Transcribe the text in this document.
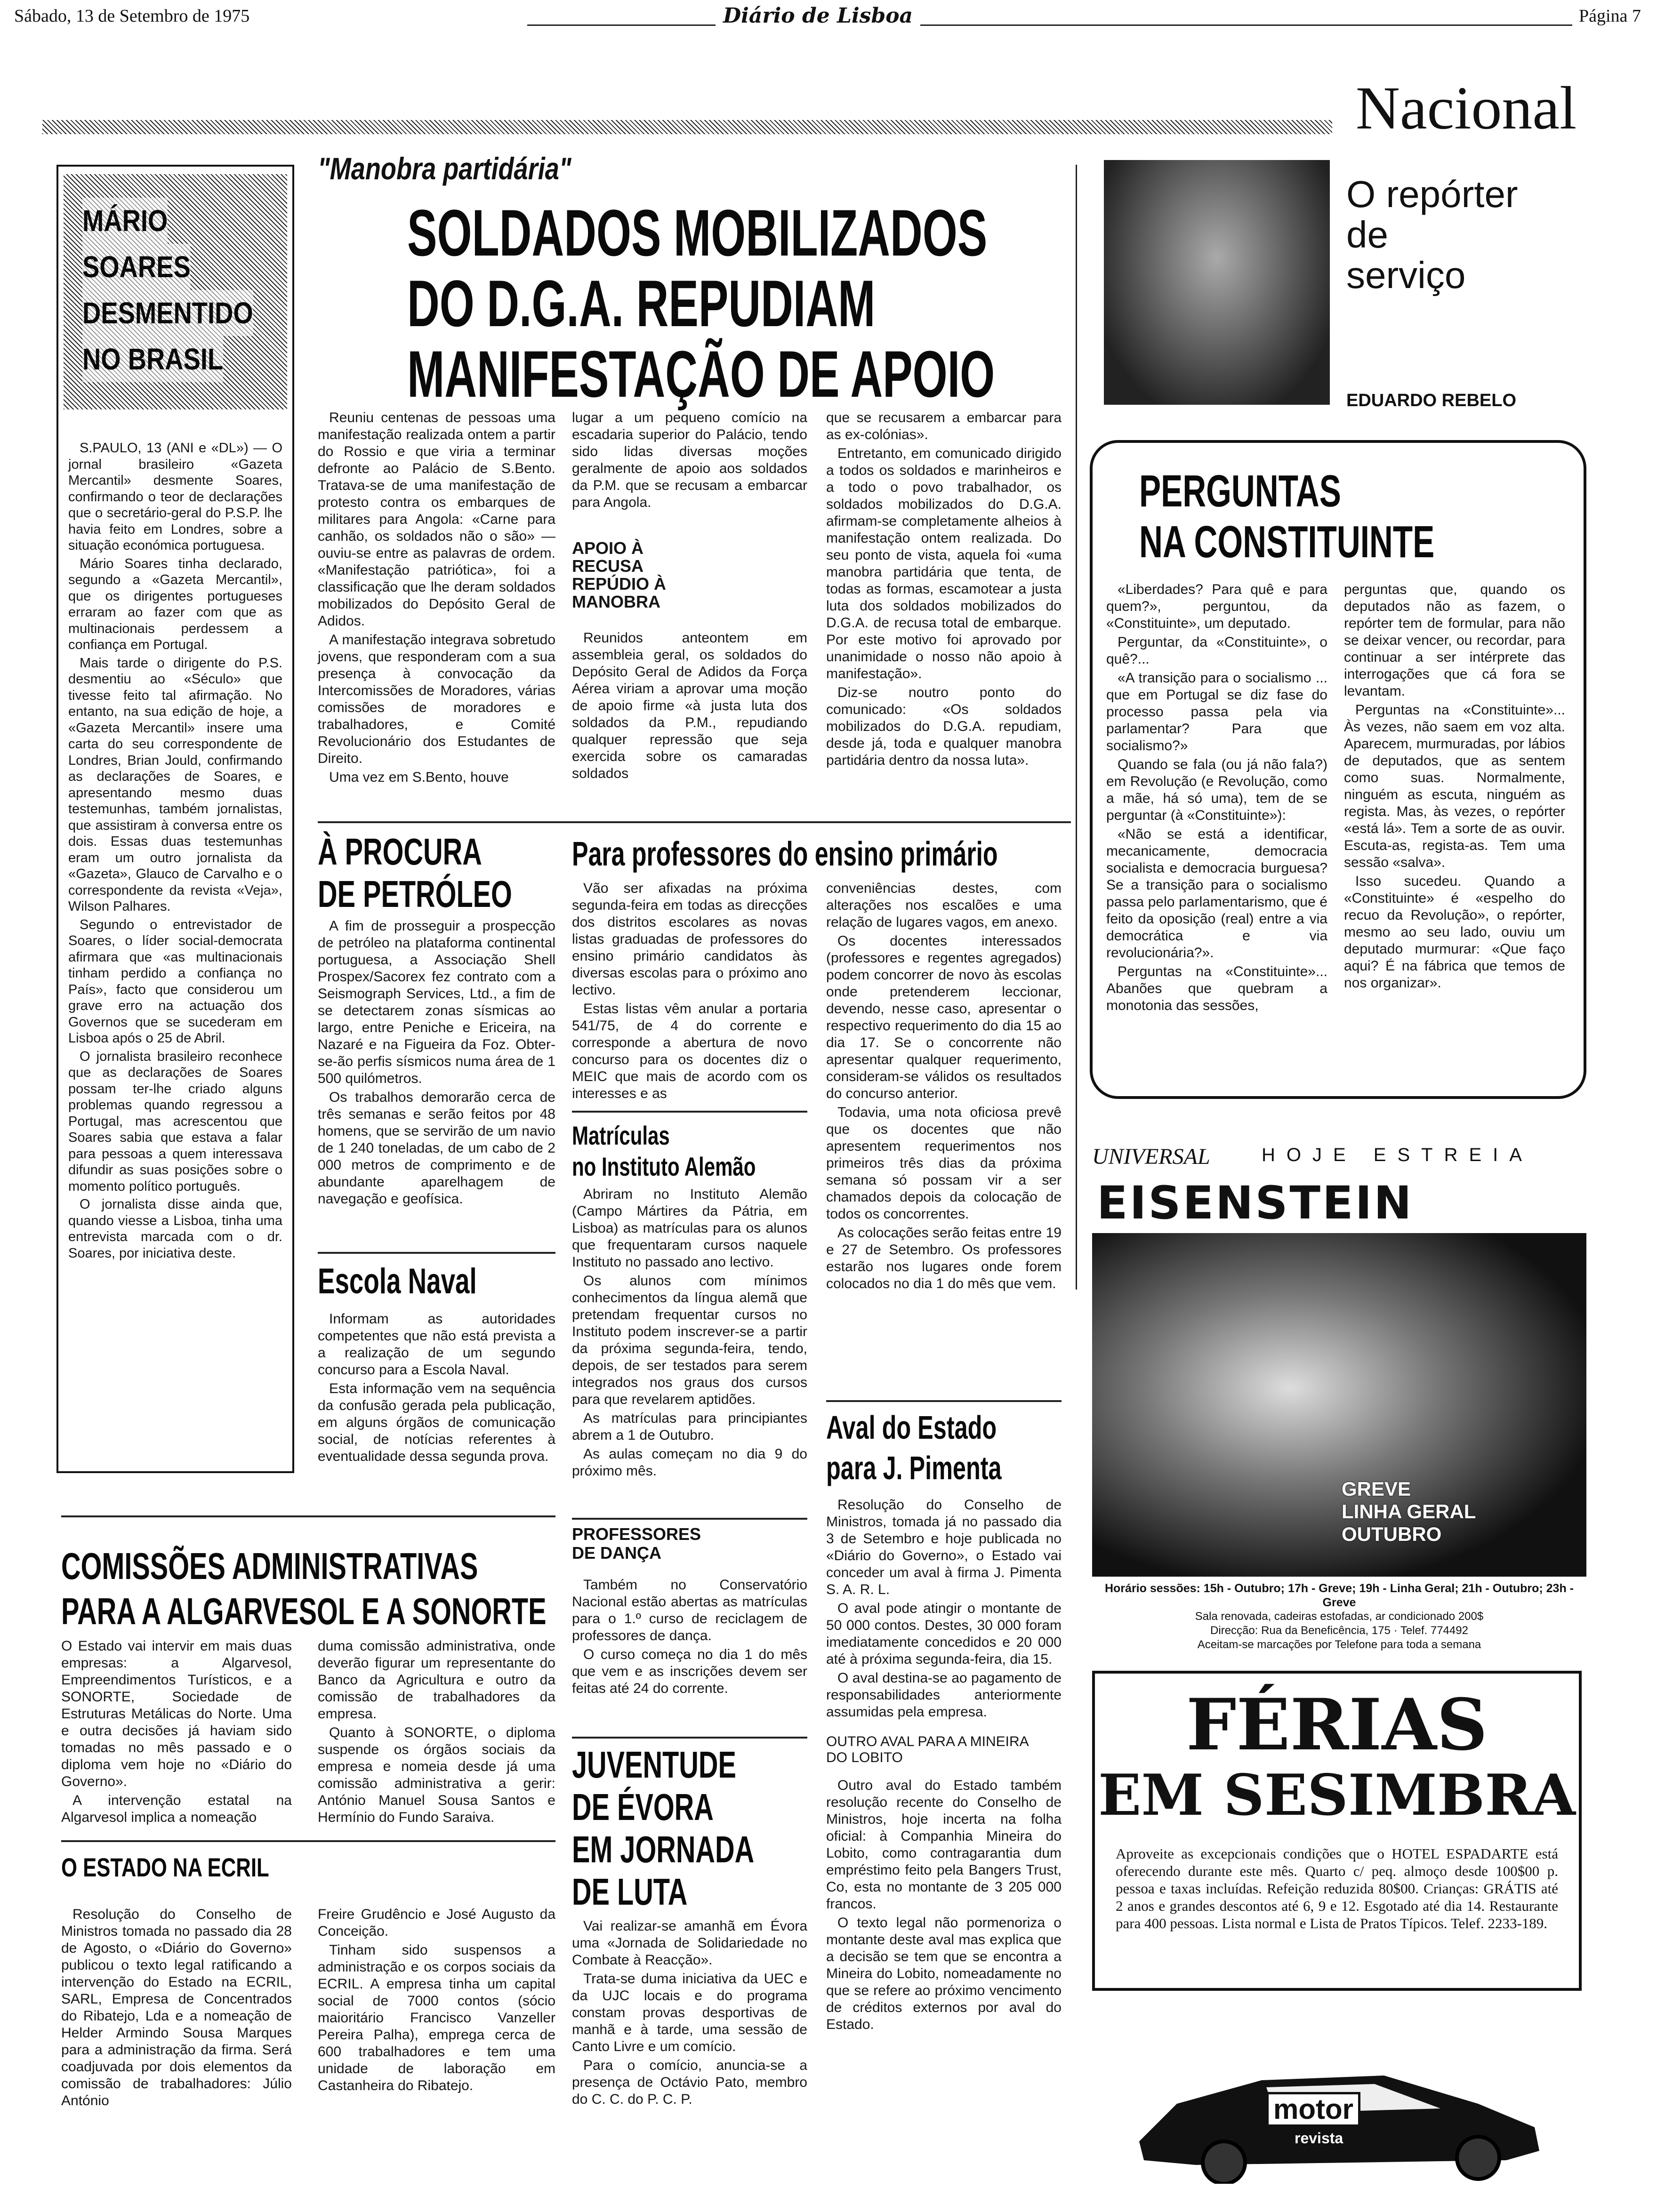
Sábado, 13 de Setembro de 1975	Diário de Lisboa	Página 7
Nacional
MÁRIO
SOARES
DESMENTIDO
NO BRASIL

S.PAULO, 13 (ANI e «DL») — O jornal brasileiro «Gazeta Mercantil» desmente Soares, confirmando o teor de declarações que o secretário-geral do P.S.P. lhe havia feito em Londres, sobre a situação económica portuguesa.

Mário Soares tinha declarado, segundo a «Gazeta Mercantil», que os dirigentes portugueses erraram ao fazer com que as multinacionais perdessem a confiança em Portugal.

Mais tarde o dirigente do P.S. desmentiu ao «Século» que tivesse feito tal afirmação. No entanto, na sua edição de hoje, a «Gazeta Mercantil» insere uma carta do seu correspondente de Londres, Brian Jould, confirmando as declarações de Soares, e apresentando mesmo duas testemunhas, também jornalistas, que assistiram à conversa entre os dois. Essas duas testemunhas eram um outro jornalista da «Gazeta», Glauco de Carvalho e o correspondente da revista «Veja», Wilson Palhares.

Segundo o entrevistador de Soares, o líder social-democrata afirmara que «as multinacionais tinham perdido a confiança no País», facto que considerou um grave erro na actuação dos Governos que se sucederam em Lisboa após o 25 de Abril.

O jornalista brasileiro reconhece que as declarações de Soares possam ter-lhe criado alguns problemas quando regressou a Portugal, mas acrescentou que Soares sabia que estava a falar para pessoas a quem interessava difundir as suas posições sobre o momento político português.

O jornalista disse ainda que, quando viesse a Lisboa, tinha uma entrevista marcada com o dr. Soares, por iniciativa deste.

"Manobra partidária"
SOLDADOS MOBILIZADOS
DO D.G.A. REPUDIAM
MANIFESTAÇÃO DE APOIO

Reuniu centenas de pessoas uma manifestação realizada ontem a partir do Rossio e que viria a terminar defronte ao Palácio de S.Bento. Tratava-se de uma manifestação de protesto contra os embarques de militares para Angola: «Carne para canhão, os soldados não o são» — ouviu-se entre as palavras de ordem. «Manifestação patriótica», foi a classificação que lhe deram soldados mobilizados do Depósito Geral de Adidos.

A manifestação integrava sobretudo jovens, que responderam com a sua presença à convocação da Intercomissões de Moradores, várias comissões de moradores e trabalhadores, e Comité Revolucionário dos Estudantes de Direito.

Uma vez em S.Bento, houve

lugar a um pequeno comício na escadaria superior do Palácio, tendo sido lidas diversas moções geralmente de apoio aos soldados da P.M. que se recusam a embarcar para Angola.

APOIO À RECUSA REPÚDIO À MANOBRA

Reunidos anteontem em assembleia geral, os soldados do Depósito Geral de Adidos da Força Aérea viriam a aprovar uma moção de apoio firme «à justa luta dos soldados da P.M., repudiando qualquer repressão que seja exercida sobre os camaradas soldados

que se recusarem a embarcar para as ex-colónias».

Entretanto, em comunicado dirigido a todos os soldados e marinheiros e a todo o povo trabalhador, os soldados mobilizados do D.G.A. afirmam-se completamente alheios à manifestação ontem realizada. Do seu ponto de vista, aquela foi «uma manobra partidária que tenta, de todas as formas, escamotear a justa luta dos soldados mobilizados do D.G.A. de recusa total de embarque. Por este motivo foi aprovado por unanimidade o nosso não apoio à manifestação».

Diz-se noutro ponto do comunicado: «Os soldados mobilizados do D.G.A. repudiam, desde já, toda e qualquer manobra partidária dentro da nossa luta».

O repórter
de
serviço
EDUARDO REBELO
PERGUNTAS
NA CONSTITUINTE

«Liberdades? Para quê e para quem?», perguntou, da «Constituinte», um deputado.

Perguntar, da «Constituinte», o quê?...

«A transição para o socialismo ... que em Portugal se diz fase do processo passa pela via parlamentar? Para que socialismo?»

Quando se fala (ou já não fala?) em Revolução (e Revolução, como a mãe, há só uma), tem de se perguntar (à «Constituinte»):

«Não se está a identificar, mecanicamente, democracia socialista e democracia burguesa? Se a transição para o socialismo passa pelo parlamentarismo, que é feito da oposição (real) entre a via democrática e via revolucionária?».

Perguntas na «Constituinte»... Abanões que quebram a monotonia das sessões,

perguntas que, quando os deputados não as fazem, o repórter tem de formular, para não se deixar vencer, ou recordar, para continuar a ser intérprete das interrogações que cá fora se levantam.

Perguntas na «Constituinte»... Às vezes, não saem em voz alta. Aparecem, murmuradas, por lábios de deputados, que as sentem como suas. Normalmente, ninguém as escuta, ninguém as regista. Mas, às vezes, o repórter «está lá». Tem a sorte de as ouvir. Escuta-as, regista-as. Tem uma sessão «salva».

Isso sucedeu. Quando a «Constituinte» é «espelho do recuo da Revolução», o repórter, mesmo ao seu lado, ouviu um deputado murmurar: «Que faço aqui? É na fábrica que temos de nos organizar».

À PROCURA
DE PETRÓLEO

A fim de prosseguir a prospecção de petróleo na plataforma continental portuguesa, a Associação Shell Prospex/Sacorex fez contrato com a Seismograph Services, Ltd., a fim de se detectarem zonas sísmicas ao largo, entre Peniche e Ericeira, na Nazaré e na Figueira da Foz. Obter-se-ão perfis sísmicos numa área de 1 500 quilómetros.

Os trabalhos demorarão cerca de três semanas e serão feitos por 48 homens, que se servirão de um navio de 1 240 toneladas, de um cabo de 2 000 metros de comprimento e de abundante aparelhagem de navegação e geofísica.

Escola Naval

Informam as autoridades competentes que não está prevista a a realização de um segundo concurso para a Escola Naval.

Esta informação vem na sequência da confusão gerada pela publicação, em alguns órgãos de comunicação social, de notícias referentes à eventualidade dessa segunda prova.

Para professores do ensino primário

Vão ser afixadas na próxima segunda-feira em todas as direcções dos distritos escolares as novas listas graduadas de professores do ensino primário candidatos às diversas escolas para o próximo ano lectivo.

Estas listas vêm anular a portaria 541/75, de 4 do corrente e corresponde a abertura de novo concurso para os docentes diz o MEIC que mais de acordo com os interesses e as

conveniências destes, com alterações nos escalões e uma relação de lugares vagos, em anexo.

Os docentes interessados (professores e regentes agregados) podem concorrer de novo às escolas onde pretenderem leccionar, devendo, nesse caso, apresentar o respectivo requerimento do dia 15 ao dia 17. Se o concorrente não apresentar qualquer requerimento, consideram-se válidos os resultados do concurso anterior.

Todavia, uma nota oficiosa prevê que os docentes que não apresentem requerimentos nos primeiros três dias da próxima semana só possam vir a ser chamados depois da colocação de todos os concorrentes.

As colocações serão feitas entre 19 e 27 de Setembro. Os professores estarão nos lugares onde forem colocados no dia 1 do mês que vem.

Matrículas
no Instituto Alemão

Abriram no Instituto Alemão (Campo Mártires da Pátria, em Lisboa) as matrículas para os alunos que frequentaram cursos naquele Instituto no passado ano lectivo.

Os alunos com mínimos conhecimentos da língua alemã que pretendam frequentar cursos no Instituto podem inscrever-se a partir da próxima segunda-feira, tendo, depois, de ser testados para serem integrados nos graus dos cursos para que revelarem aptidões.

As matrículas para principiantes abrem a 1 de Outubro.

As aulas começam no dia 9 do próximo mês.

PROFESSORES DE DANÇA

Também no Conservatório Nacional estão abertas as matrículas para o 1.º curso de reciclagem de professores de dança.

O curso começa no dia 1 do mês que vem e as inscrições devem ser feitas até 24 do corrente.

JUVENTUDE
DE ÉVORA
EM JORNADA
DE LUTA

Vai realizar-se amanhã em Évora uma «Jornada de Solidariedade no Combate à Reacção».

Trata-se duma iniciativa da UEC e da UJC locais e do programa constam provas desportivas de manhã e à tarde, uma sessão de Canto Livre e um comício.

Para o comício, anuncia-se a presença de Octávio Pato, membro do C. C. do P. C. P.

Aval do Estado
para J. Pimenta

Resolução do Conselho de Ministros, tomada já no passado dia 3 de Setembro e hoje publicada no «Diário do Governo», o Estado vai conceder um aval à firma J. Pimenta S. A. R. L.

O aval pode atingir o montante de 50 000 contos. Destes, 30 000 foram imediatamente concedidos e 20 000 até à próxima segunda-feira, dia 15.

O aval destina-se ao pagamento de responsabilidades anteriormente assumidas pela empresa.

OUTRO AVAL PARA A MINEIRA DO LOBITO

Outro aval do Estado também resolução recente do Conselho de Ministros, hoje incerta na folha oficial: à Companhia Mineira do Lobito, como contragarantia dum empréstimo feito pela Bangers Trust, Co, esta no montante de 3 205 000 francos.

O texto legal não pormenoriza o montante deste aval mas explica que a decisão se tem que se encontra a Mineira do Lobito, nomeadamente no que se refere ao próximo vencimento de créditos externos por aval do Estado.

COMISSÕES ADMINISTRATIVAS
PARA A ALGARVESOL E A SONORTE

O Estado vai intervir em mais duas empresas: a Algarvesol, Empreendimentos Turísticos, e a SONORTE, Sociedade de Estruturas Metálicas do Norte. Uma e outra decisões já haviam sido tomadas no mês passado e o diploma vem hoje no «Diário do Governo».

A intervenção estatal na Algarvesol implica a nomeação

duma comissão administrativa, onde deverão figurar um representante do Banco da Agricultura e outro da comissão de trabalhadores da empresa.

Quanto à SONORTE, o diploma suspende os órgãos sociais da empresa e nomeia desde já uma comissão administrativa a gerir: António Manuel Sousa Santos e Hermínio do Fundo Saraiva.

O ESTADO NA ECRIL

Resolução do Conselho de Ministros tomada no passado dia 28 de Agosto, o «Diário do Governo» publicou o texto legal ratificando a intervenção do Estado na ECRIL, SARL, Empresa de Concentrados do Ribatejo, Lda e a nomeação de Helder Armindo Sousa Marques para a administração da firma. Será coadjuvada por dois elementos da comissão de trabalhadores: Júlio António

Freire Grudêncio e José Augusto da Conceição.

Tinham sido suspensos a administração e os corpos sociais da ECRIL. A empresa tinha um capital social de 7000 contos (sócio maioritário Francisco Vanzeller Pereira Palha), emprega cerca de 600 trabalhadores e tem uma unidade de laboração em Castanheira do Ribatejo.

UNIVERSAL	HOJE ESTREIA
EISENSTEIN
GREVE
LINHA GERAL
OUTUBRO
Horário sessões: 15h - Outubro; 17h - Greve; 19h - Linha Geral; 21h - Outubro; 23h - Greve
Sala renovada, cadeiras estofadas, ar condicionado 200$
Direcção: Rua da Beneficência, 175 · Telef. 774492
Aceitam-se marcações por Telefone para toda a semana
FÉRIAS
EM SESIMBRA
Aproveite as excepcionais condições que o HOTEL ESPADARTE está oferecendo durante este mês. Quarto c/ peq. almoço desde 100$00 p. pessoa e taxas incluídas. Refeição reduzida 80$00. Crianças: GRÁTIS até 2 anos e grandes descontos até 6, 9 e 12. Esgotado até dia 14. Restaurante para 400 pessoas. Lista normal e Lista de Pratos Típicos. Telef. 2233-189.
motor
revista
